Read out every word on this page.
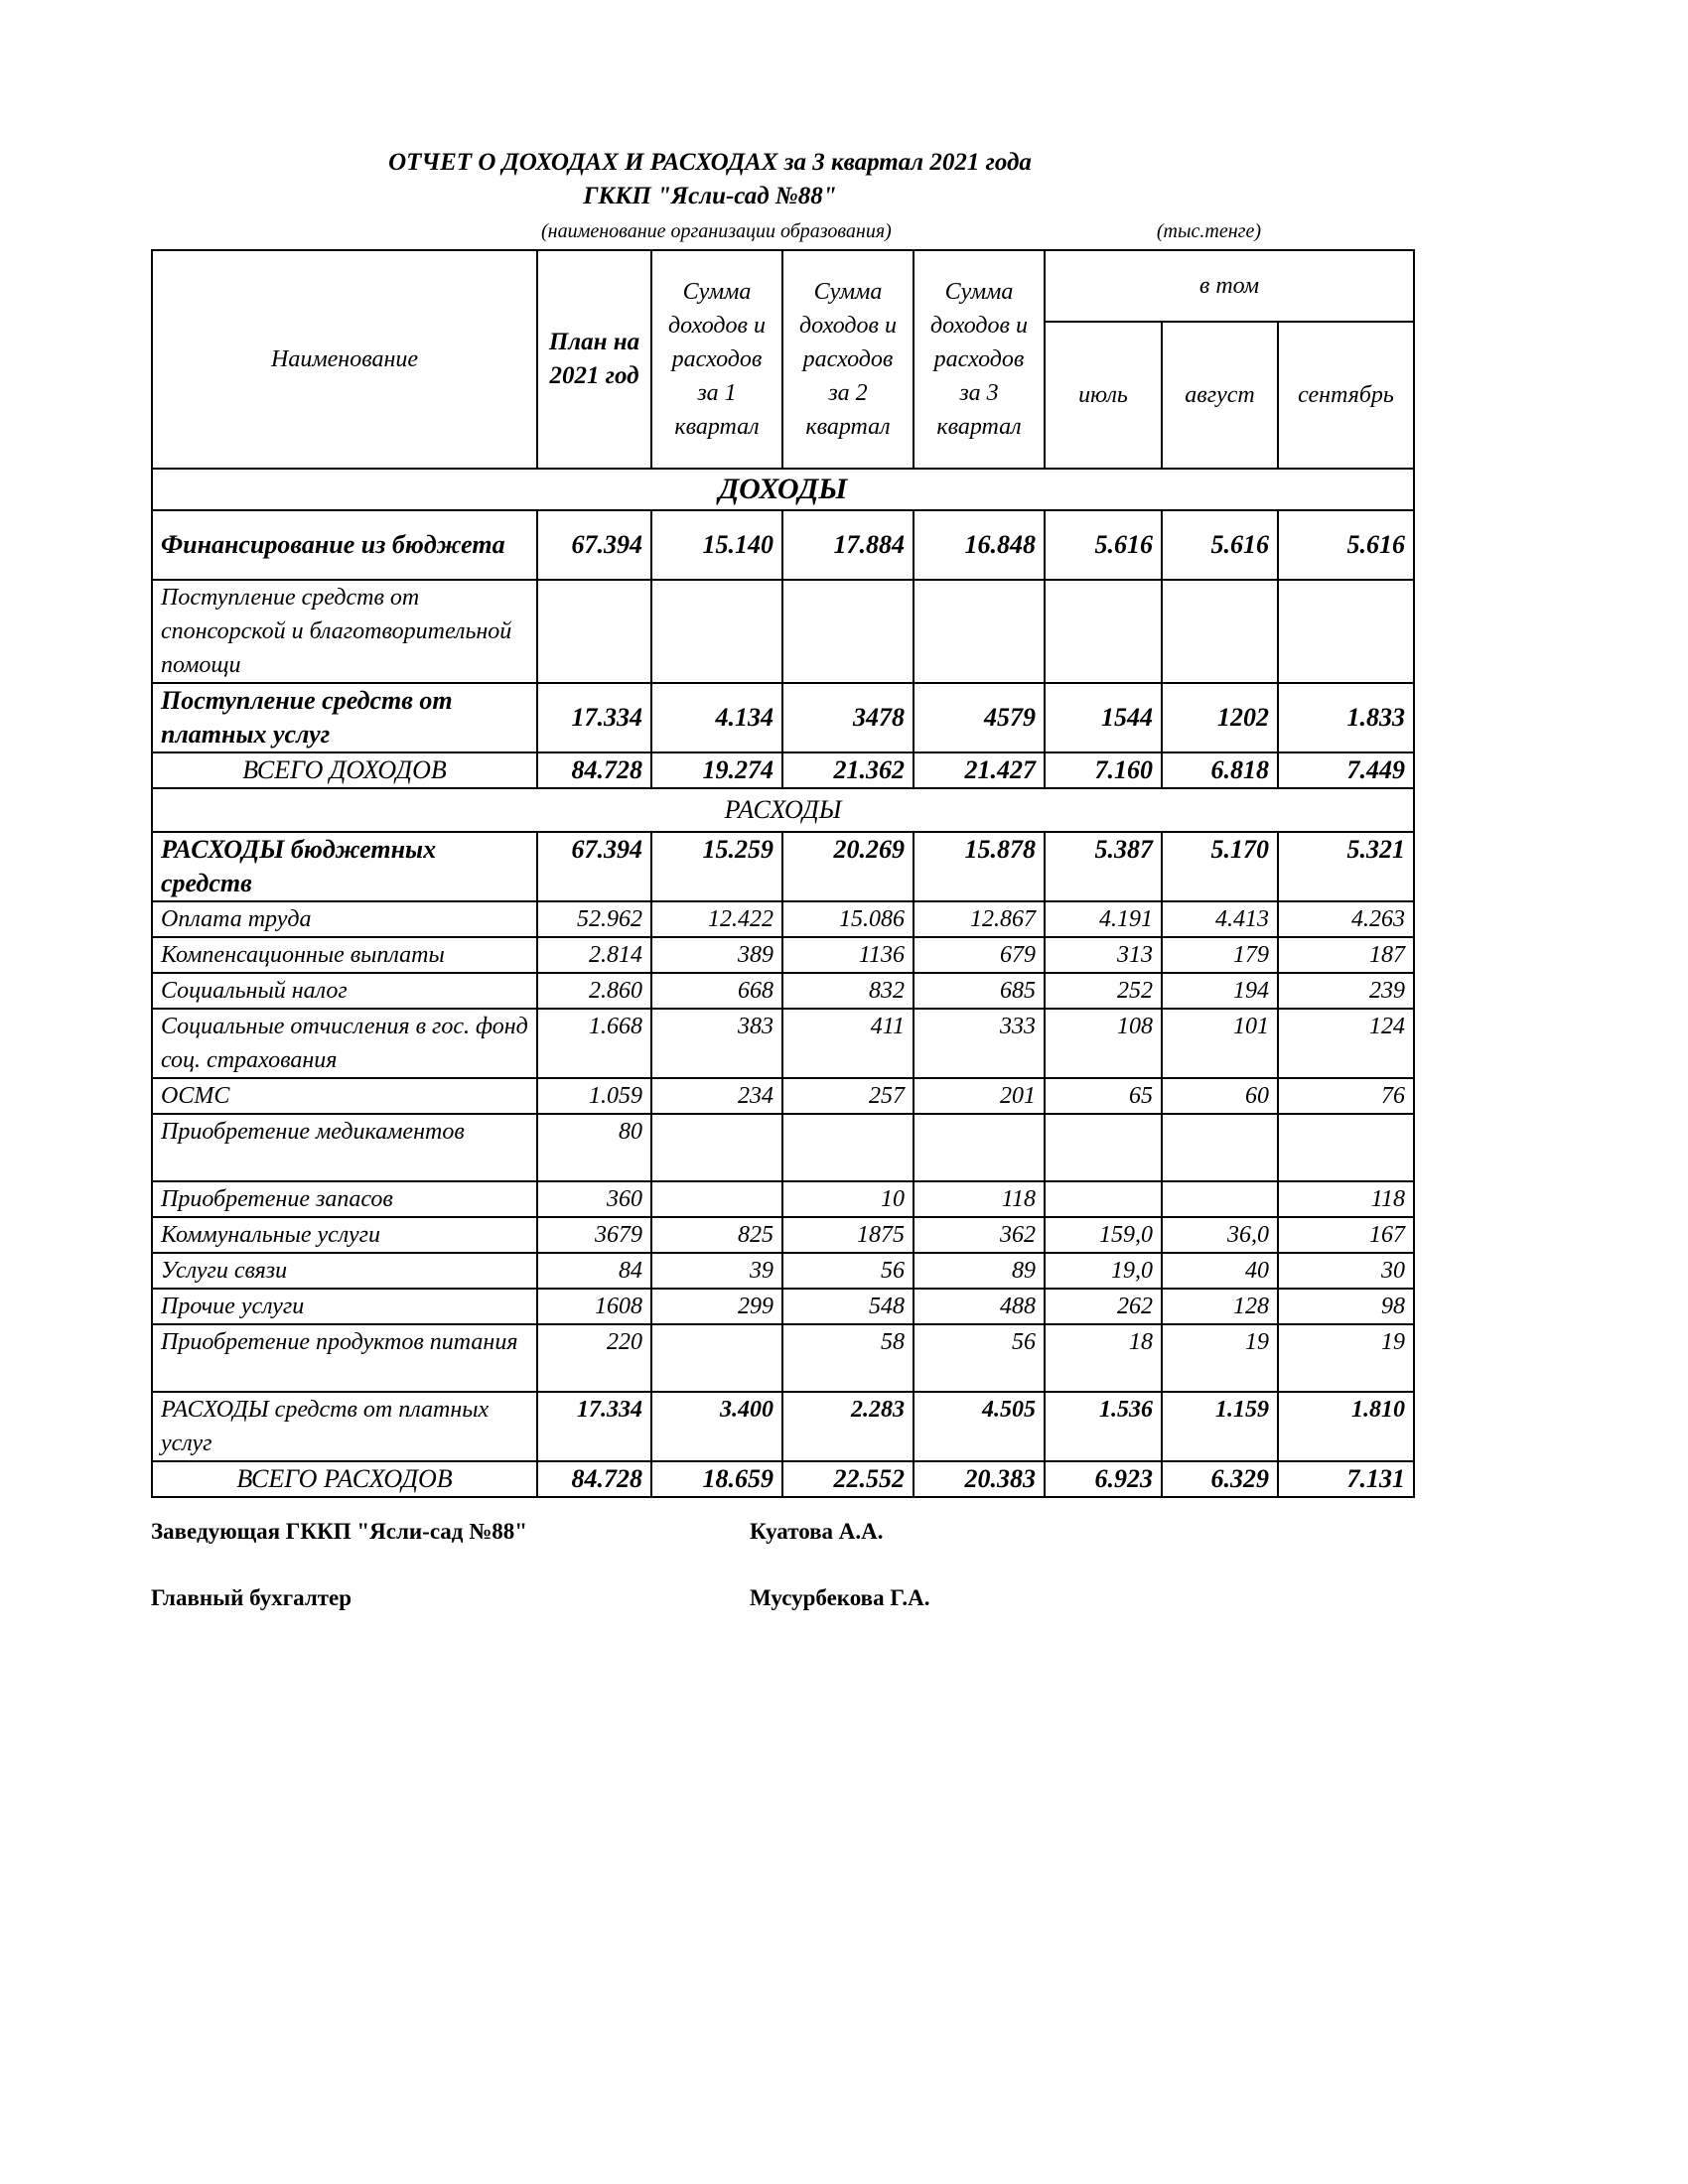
ОТЧЕТ О ДОХОДАХ И РАСХОДАХ за 3 квартал 2021 года
ГККП "Ясли-сад №88"
(наименование организации образования)	(тыс.тенге)
Наименование	План на 2021 год	Сумма доходов и расходов за 1 квартал	Сумма доходов и расходов за 2 квартал	Сумма доходов и расходов за 3 квартал	в том		
					июль	август	сентябрь
ДОХОДЫ							
Финансирование из бюджета	67.394	15.140	17.884	16.848	5.616	5.616	5.616
Поступление средств от спонсорской и благотворительной помощи							
Поступление средств от платных услуг	17.334	4.134	3478	4579	1544	1202	1.833
ВСЕГО ДОХОДОВ	84.728	19.274	21.362	21.427	7.160	6.818	7.449
РАСХОДЫ							
РАСХОДЫ бюджетных средств	67.394	15.259	20.269	15.878	5.387	5.170	5.321
Оплата труда	52.962	12.422	15.086	12.867	4.191	4.413	4.263
Компенсационные выплаты	2.814	389	1136	679	313	179	187
Социальный налог	2.860	668	832	685	252	194	239
Социальные отчисления в гос. фонд соц. страхования	1.668	383	411	333	108	101	124
ОСМС	1.059	234	257	201	65	60	76
Приобретение медикаментов	80						
Приобретение запасов	360		10	118			118
Коммунальные услуги	3679	825	1875	362	159,0	36,0	167
Услуги связи	84	39	56	89	19,0	40	30
Прочие услуги	1608	299	548	488	262	128	98
Приобретение продуктов питания	220		58	56	18	19	19
РАСХОДЫ средств от платных услуг	17.334	3.400	2.283	4.505	1.536	1.159	1.810
ВСЕГО РАСХОДОВ	84.728	18.659	22.552	20.383	6.923	6.329	7.131
Заведующая ГККП "Ясли-сад №88"	Куатова А.А.
Главный бухгалтер	Мусурбекова Г.А.
